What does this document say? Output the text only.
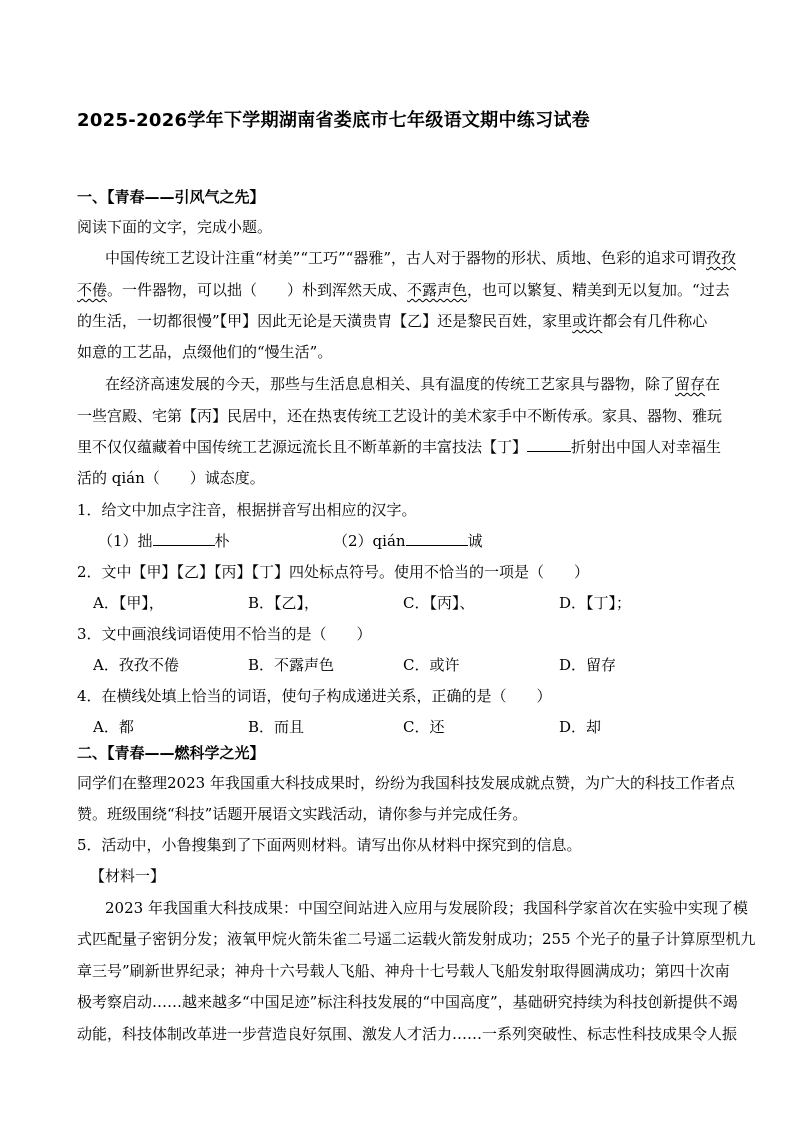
2025-2026学年下学期湖南省娄底市七年级语文期中练习试卷
一、【青春——引风气之先】
阅读下面的文字，完成小题。
中国传统工艺设计注重“材美”“工巧”“器雅”，古人对于器物的形状、质地、色彩的追求可谓孜孜
不倦。一件器物，可以拙（　　）朴到浑然天成、不露声色，也可以繁复、精美到无以复加。“过去
的生活，一切都很慢”【甲】因此无论是天潢贵胄【乙】还是黎民百姓，家里或许都会有几件称心
如意的工艺品，点缀他们的“慢生活”。
在经济高速发展的今天，那些与生活息息相关、具有温度的传统工艺家具与器物，除了留存在
一些宫殿、宅第【丙】民居中，还在热衷传统工艺设计的美术家手中不断传承。家具、器物、雅玩
里不仅仅蕴藏着中国传统工艺源远流长且不断革新的丰富技法【丁】	折射出中国人对幸福生
活的 qián（　　）诚态度。
1．给文中加点字注音，根据拼音写出相应的汉字。
（1）拙	朴	（2）qián	诚
2．文中【甲】【乙】【丙】【丁】四处标点符号。使用不恰当的一项是（　　）
A．【甲】，	B．【乙】，	C．【丙】、	D．【丁】；
3．文中画浪线词语使用不恰当的是（　　）
A．孜孜不倦	B．不露声色	C．或许	D．留存
4．在横线处填上恰当的词语，使句子构成递进关系，正确的是（　　）
A．都	B．而且	C．还	D．却
二、【青春——燃科学之光】
同学们在整理2023 年我国重大科技成果时，纷纷为我国科技发展成就点赞，为广大的科技工作者点
赞。班级围绕“科技”话题开展语文实践活动，请你参与并完成任务。
5．活动中，小鲁搜集到了下面两则材料。请写出你从材料中探究到的信息。
【材料一】
2023 年我国重大科技成果：中国空间站进入应用与发展阶段；我国科学家首次在实验中实现了模
式匹配量子密钥分发；液氧甲烷火箭朱雀二号遥二运载火箭发射成功；255 个光子的量子计算原型机九
章三号”刷新世界纪录；神舟十六号载人飞船、神舟十七号载人飞船发射取得圆满成功；第四十次南
极考察启动……越来越多“中国足迹”标注科技发展的“中国高度”，基础研究持续为科技创新提供不竭
动能，科技体制改革进一步营造良好氛围、激发人才活力……一系列突破性、标志性科技成果令人振
